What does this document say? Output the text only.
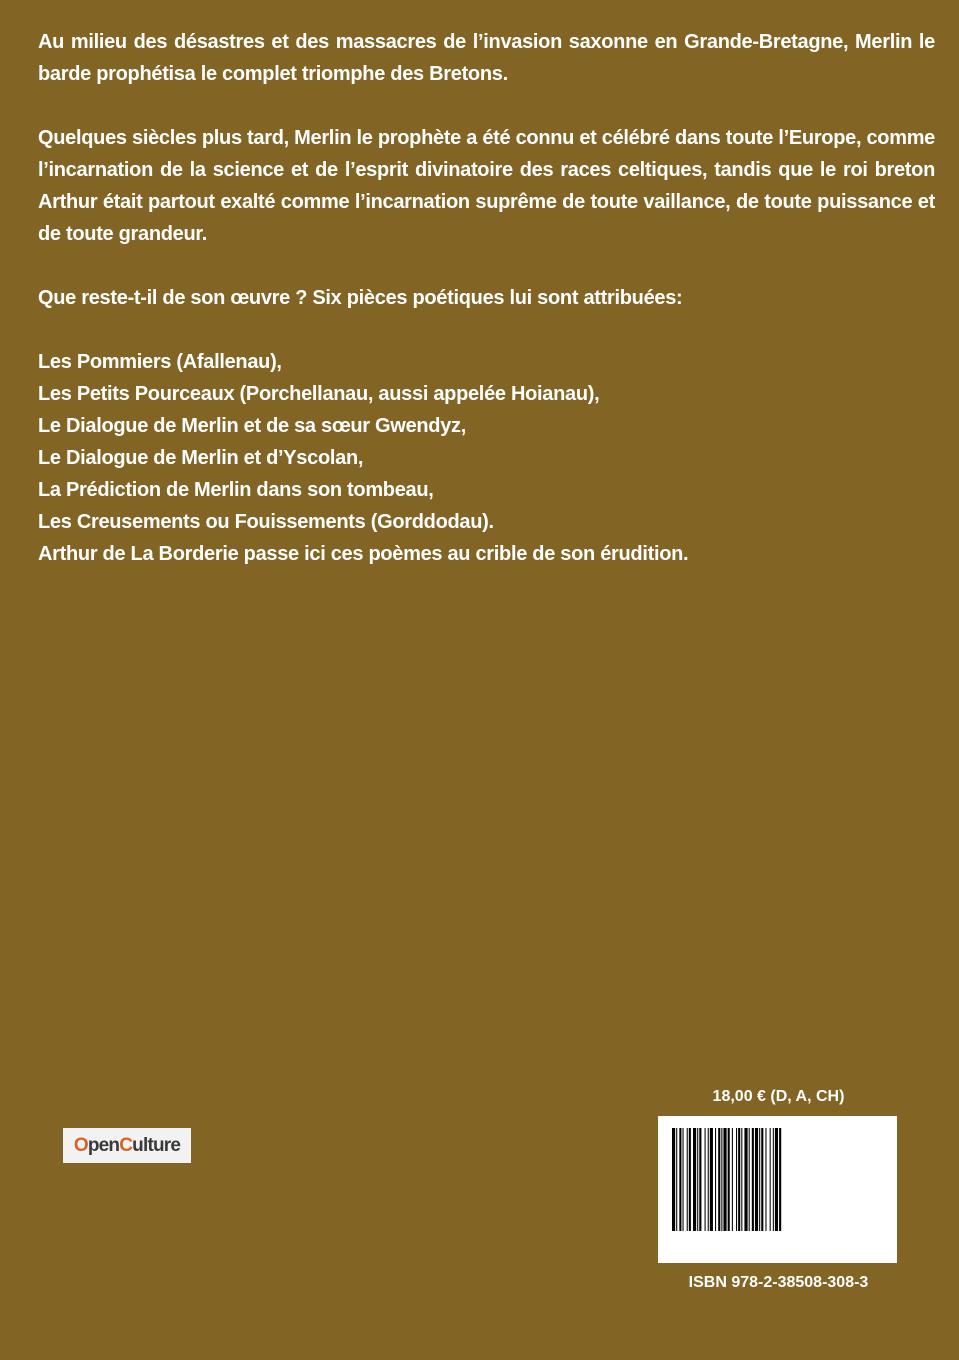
Au milieu des désastres et des massacres de l’invasion saxonne en Grande-Bretagne, Merlin le barde prophétisa le complet triomphe des Bretons.

Quelques siècles plus tard, Merlin le prophète a été connu et célébré dans toute l’Europe, comme l’incarnation de la science et de l’esprit divinatoire des races celtiques, tandis que le roi breton Arthur était partout exalté comme l’incarnation suprême de toute vaillance, de toute puissance et de toute grandeur.

Que reste-t-il de son œuvre ? Six pièces poétiques lui sont attribuées:

Les Pommiers (Afallenau),
Les Petits Pourceaux (Porchellanau, aussi appelée Hoianau),
Le Dialogue de Merlin et de sa sœur Gwendyz,
Le Dialogue de Merlin et d’Yscolan,
La Prédiction de Merlin dans son tombeau,
Les Creusements ou Fouissements (Gorddodau).
Arthur de La Borderie passe ici ces poèmes au crible de son érudition.
O pen C ulture
18,00 € (D, A, CH)
ISBN 978-2-38508-308-3
